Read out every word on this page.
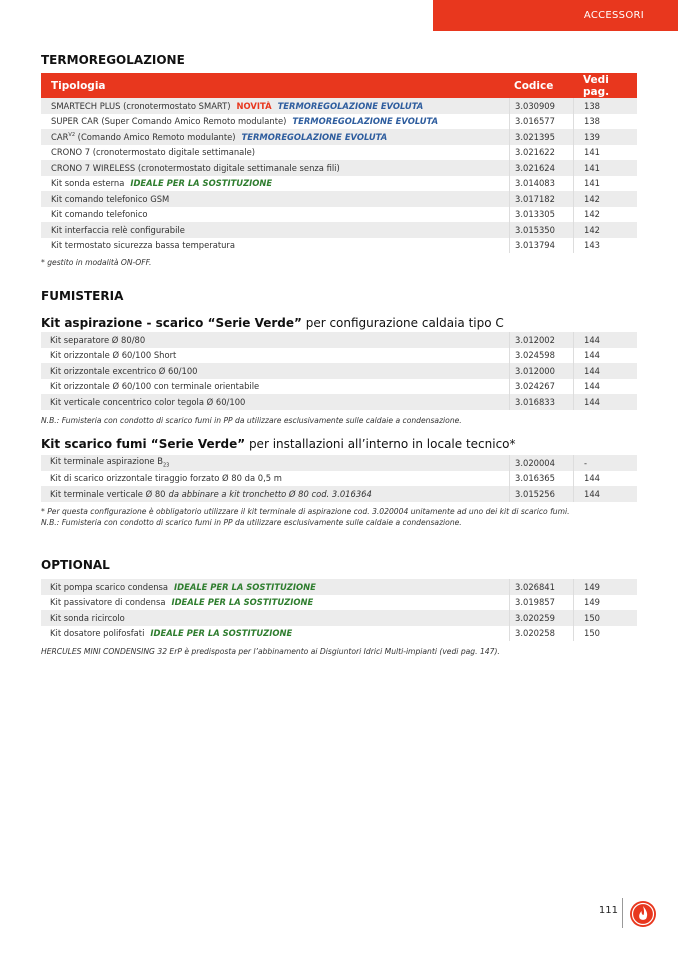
ACCESSORI
TERMOREGOLAZIONE
Tipologia	Codice	Vedi pag.
SMARTECH PLUS (cronotermostato SMART) NOVITÀ TERMOREGOLAZIONE EVOLUTA	3.030909	138
SUPER CAR (Super Comando Amico Remoto modulante) TERMOREGOLAZIONE EVOLUTA	3.016577	138
$CAR^{V2}$ (Comando Amico Remoto modulante) TERMOREGOLAZIONE EVOLUTA	3.021395	139
CRONO 7 (cronotermostato digitale settimanale)	3.021622	141
CRONO 7 WIRELESS (cronotermostato digitale settimanale senza fili)	3.021624	141
Kit sonda esterna IDEALE PER LA SOSTITUZIONE	3.014083	141
Kit comando telefonico GSM	3.017182	142
Kit comando telefonico	3.013305	142
Kit interfaccia relè configurabile	3.015350	142
Kit termostato sicurezza bassa temperatura	3.013794	143
* gestito in modalità ON-OFF.
FUMISTERIA
Kit aspirazione - scarico “Serie Verde” per configurazione caldaia tipo C
Kit separatore Ø 80/80	3.012002	144
Kit orizzontale Ø 60/100 Short	3.024598	144
Kit orizzontale excentrico Ø 60/100	3.012000	144
Kit orizzontale Ø 60/100 con terminale orientabile	3.024267	144
Kit verticale concentrico color tegola Ø 60/100	3.016833	144
N.B.: Fumisteria con condotto di scarico fumi in PP da utilizzare esclusivamente sulle caldaie a condensazione.
Kit scarico fumi “Serie Verde” per installazioni all’interno in locale tecnico*
Kit terminale aspirazione $B_{23}$	3.020004	-
Kit di scarico orizzontale tiraggio forzato Ø 80 da 0,5 m	3.016365	144
Kit terminale verticale Ø 80 da abbinare a kit tronchetto Ø 80 cod. 3.016364	3.015256	144
* Per questa configurazione è obbligatorio utilizzare il kit terminale di aspirazione cod. 3.020004 unitamente ad uno dei kit di scarico fumi.
N.B.: Fumisteria con condotto di scarico fumi in PP da utilizzare esclusivamente sulle caldaie a condensazione.
OPTIONAL
Kit pompa scarico condensa IDEALE PER LA SOSTITUZIONE	3.026841	149
Kit passivatore di condensa IDEALE PER LA SOSTITUZIONE	3.019857	149
Kit sonda ricircolo	3.020259	150
Kit dosatore polifosfati IDEALE PER LA SOSTITUZIONE	3.020258	150
HERCULES MINI CONDENSING 32 ErP è predisposta per l’abbinamento ai Disgiuntori Idrici Multi-impianti (vedi pag. 147).
111
